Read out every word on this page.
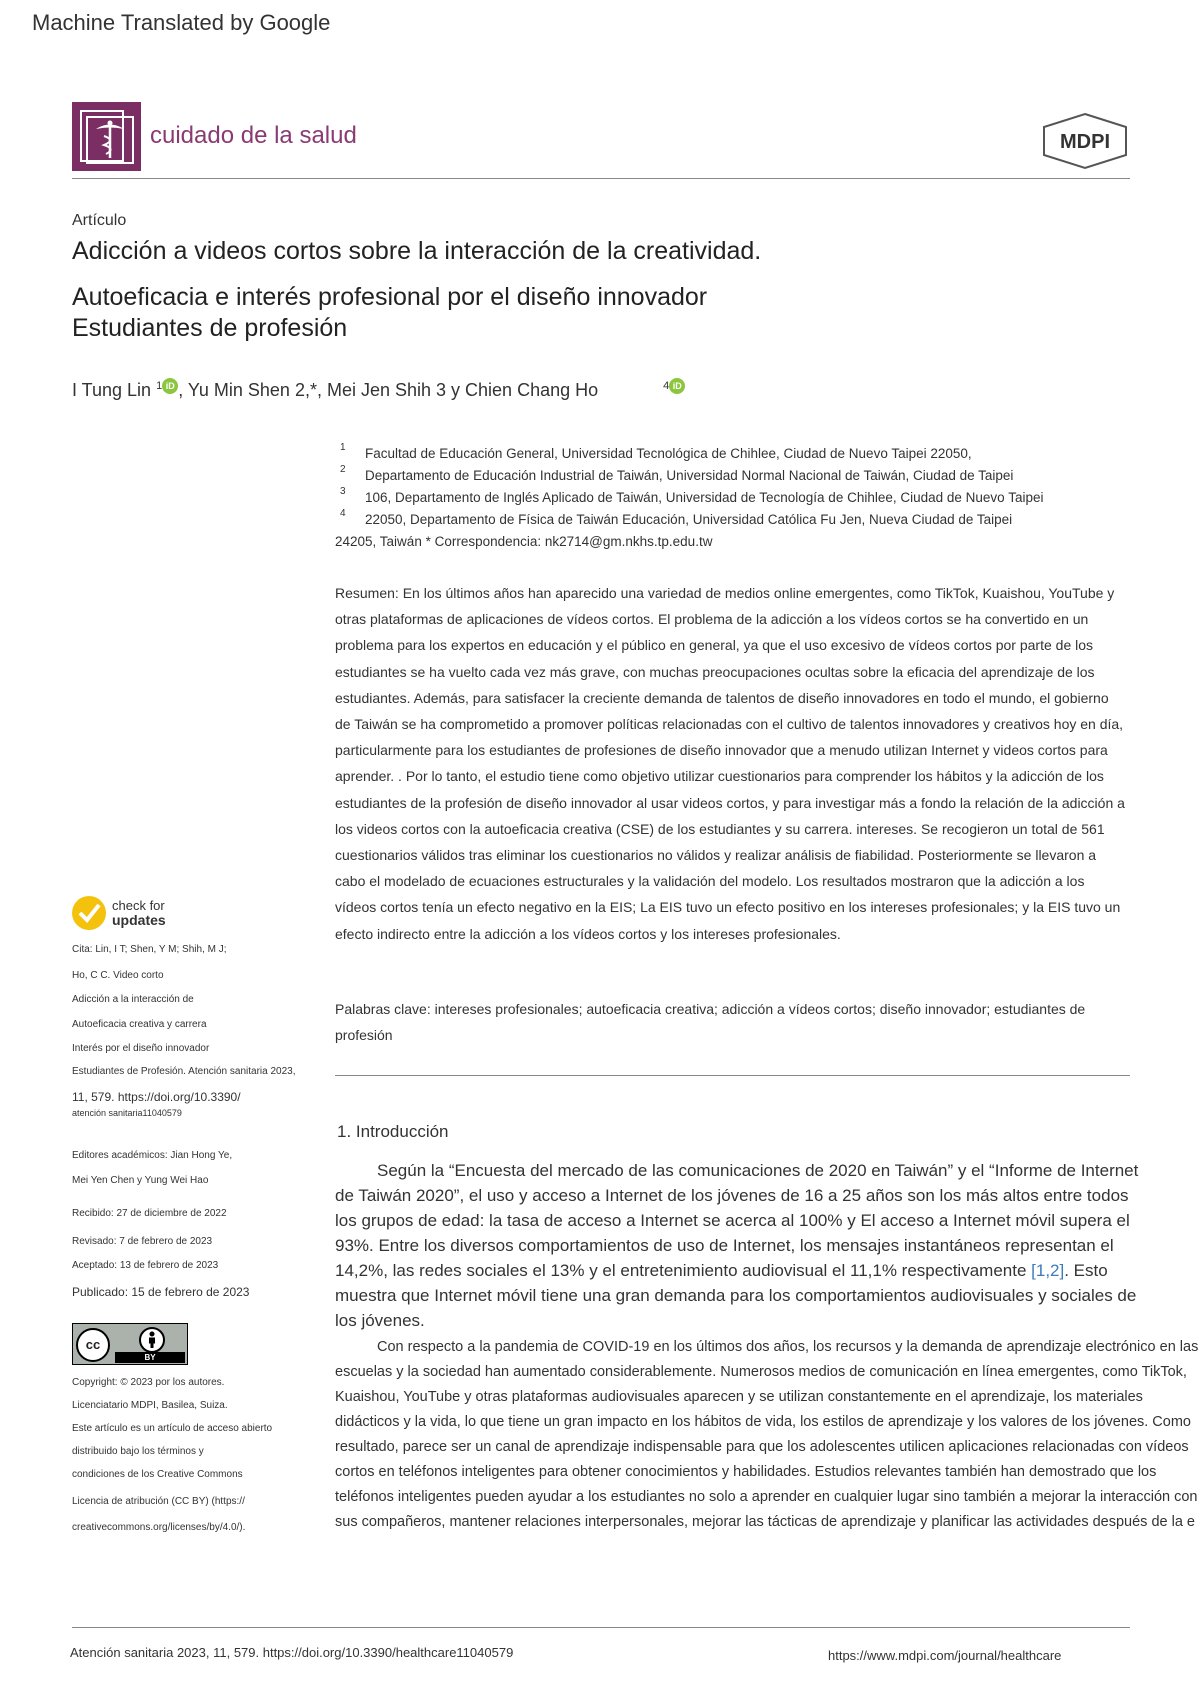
Machine Translated by Google
cuidado de la salud	MDPI
Artículo
Adicción a videos cortos sobre la interacción de la creatividad.
Autoeficacia e interés profesional por el diseño innovador
Estudiantes de profesión
I Tung Lin $^1$ iD , Yu Min Shen 2,*, Mei Jen Shih 3 y Chien Chang Ho	$^4$ iD
1 Facultad de Educación General, Universidad Tecnológica de Chihlee, Ciudad de Nuevo Taipei 22050,
2 Departamento de Educación Industrial de Taiwán, Universidad Normal Nacional de Taiwán, Ciudad de Taipei
3 106, Departamento de Inglés Aplicado de Taiwán, Universidad de Tecnología de Chihlee, Ciudad de Nuevo Taipei
4 22050, Departamento de Física de Taiwán Educación, Universidad Católica Fu Jen, Nueva Ciudad de Taipei
24205, Taiwán * Correspondencia: nk2714@gm.nkhs.tp.edu.tw
Resumen: En los últimos años han aparecido una variedad de medios online emergentes, como TikTok, Kuaishou, YouTube y otras plataformas de aplicaciones de vídeos cortos. El problema de la adicción a los vídeos cortos se ha convertido en un problema para los expertos en educación y el público en general, ya que el uso excesivo de vídeos cortos por parte de los estudiantes se ha vuelto cada vez más grave, con muchas preocupaciones ocultas sobre la eficacia del aprendizaje de los estudiantes. Además, para satisfacer la creciente demanda de talentos de diseño innovadores en todo el mundo, el gobierno de Taiwán se ha comprometido a promover políticas relacionadas con el cultivo de talentos innovadores y creativos hoy en día, particularmente para los estudiantes de profesiones de diseño innovador que a menudo utilizan Internet y videos cortos para aprender. . Por lo tanto, el estudio tiene como objetivo utilizar cuestionarios para comprender los hábitos y la adicción de los estudiantes de la profesión de diseño innovador al usar videos cortos, y para investigar más a fondo la relación de la adicción a los videos cortos con la autoeficacia creativa (CSE) de los estudiantes y su carrera. intereses. Se recogieron un total de 561 cuestionarios válidos tras eliminar los cuestionarios no válidos y realizar análisis de fiabilidad. Posteriormente se llevaron a cabo el modelado de ecuaciones estructurales y la validación del modelo. Los resultados mostraron que la adicción a los vídeos cortos tenía un efecto negativo en la EIS; La EIS tuvo un efecto positivo en los intereses profesionales; y la EIS tuvo un efecto indirecto entre la adicción a los vídeos cortos y los intereses profesionales.
Palabras clave: intereses profesionales; autoeficacia creativa; adicción a vídeos cortos; diseño innovador; estudiantes de profesión
1. Introducción
Según la “Encuesta del mercado de las comunicaciones de 2020 en Taiwán” y el “Informe de Internet de Taiwán 2020”, el uso y acceso a Internet de los jóvenes de 16 a 25 años son los más altos entre todos los grupos de edad: la tasa de acceso a Internet se acerca al 100% y El acceso a Internet móvil supera el 93%. Entre los diversos comportamientos de uso de Internet, los mensajes instantáneos representan el 14,2%, las redes sociales el 13% y el entretenimiento audiovisual el 11,1% respectivamente [1,2]. Esto muestra que Internet móvil tiene una gran demanda para los comportamientos audiovisuales y sociales de los jóvenes.
Con respecto a la pandemia de COVID-19 en los últimos dos años, los recursos y la demanda de aprendizaje electrónico en las escuelas y la sociedad han aumentado considerablemente. Numerosos medios de comunicación en línea emergentes, como TikTok, Kuaishou, YouTube y otras plataformas audiovisuales aparecen y se utilizan constantemente en el aprendizaje, los materiales didácticos y la vida, lo que tiene un gran impacto en los hábitos de vida, los estilos de aprendizaje y los valores de los jóvenes. Como resultado, parece ser un canal de aprendizaje indispensable para que los adolescentes utilicen aplicaciones relacionadas con vídeos cortos en teléfonos inteligentes para obtener conocimientos y habilidades. Estudios relevantes también han demostrado que los teléfonos inteligentes pueden ayudar a los estudiantes no solo a aprender en cualquier lugar sino también a mejorar la interacción con sus compañeros, mantener relaciones interpersonales, mejorar las tácticas de aprendizaje y planificar las actividades después de la e
check for
updates
Cita: Lin, I T; Shen, Y M; Shih, M J;
Ho, C C. Video corto
Adicción a la interacción de
Autoeficacia creativa y carrera
Interés por el diseño innovador
Estudiantes de Profesión. Atención sanitaria 2023,
11, 579. https://doi.org/10.3390/
atención sanitaria11040579
Editores académicos: Jian Hong Ye,
Mei Yen Chen y Yung Wei Hao
Recibido: 27 de diciembre de 2022
Revisado: 7 de febrero de 2023
Aceptado: 13 de febrero de 2023
Publicado: 15 de febrero de 2023
cc
BY
Copyright: © 2023 por los autores.
Licenciatario MDPI, Basilea, Suiza.
Este artículo es un artículo de acceso abierto
distribuido bajo los términos y
condiciones de los Creative Commons
Licencia de atribución (CC BY) (https://
creativecommons.org/licenses/by/4.0/).
Atención sanitaria 2023, 11, 579. https://doi.org/10.3390/healthcare11040579	https://www.mdpi.com/journal/healthcare
